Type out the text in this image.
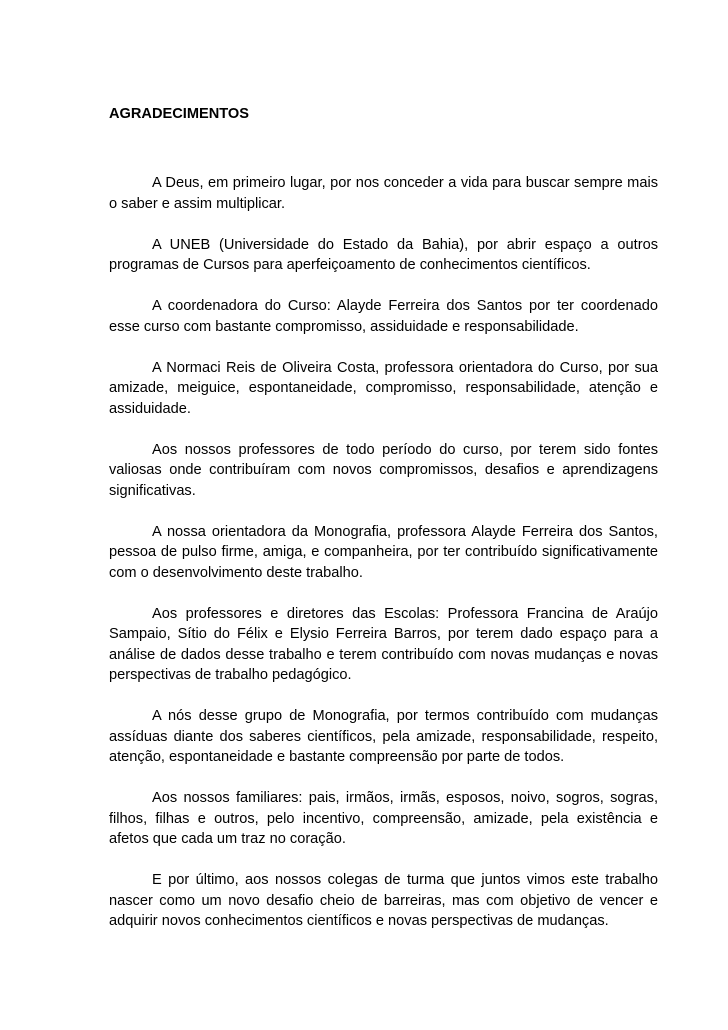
AGRADECIMENTOS

A Deus, em primeiro lugar, por nos conceder a vida para buscar sempre mais o saber e assim multiplicar.

A UNEB (Universidade do Estado da Bahia), por abrir espaço a outros programas de Cursos para aperfeiçoamento de conhecimentos científicos.

A coordenadora do Curso: Alayde Ferreira dos Santos por ter coordenado esse curso com bastante compromisso, assiduidade e responsabilidade.

A Normaci Reis de Oliveira Costa, professora orientadora do Curso, por sua amizade, meiguice, espontaneidade, compromisso, responsabilidade, atenção e assiduidade.

Aos nossos professores de todo período do curso, por terem sido fontes valiosas onde contribuíram com novos compromissos, desafios e aprendizagens significativas.

A nossa orientadora da Monografia, professora Alayde Ferreira dos Santos, pessoa de pulso firme, amiga, e companheira, por ter contribuído significativamente com o desenvolvimento deste trabalho.

Aos professores e diretores das Escolas: Professora Francina de Araújo Sampaio, Sítio do Félix e Elysio Ferreira Barros, por terem dado espaço para a análise de dados desse trabalho e terem contribuído com novas mudanças e novas perspectivas de trabalho pedagógico.

A nós desse grupo de Monografia, por termos contribuído com mudanças assíduas diante dos saberes científicos, pela amizade, responsabilidade, respeito, atenção, espontaneidade e bastante compreensão por parte de todos.

Aos nossos familiares: pais, irmãos, irmãs, esposos, noivo, sogros, sogras, filhos, filhas e outros, pelo incentivo, compreensão, amizade, pela existência e afetos que cada um traz no coração.

E por último, aos nossos colegas de turma que juntos vimos este trabalho nascer como um novo desafio cheio de barreiras, mas com objetivo de vencer e adquirir novos conhecimentos científicos e novas perspectivas de mudanças.
